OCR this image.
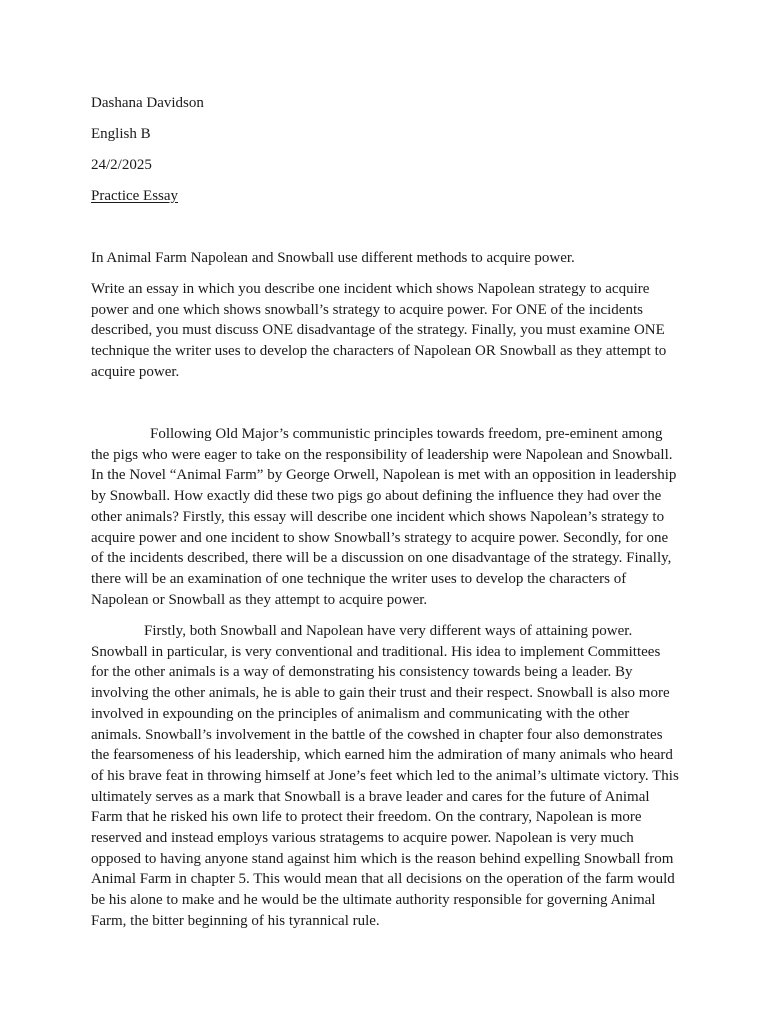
Dashana Davidson

English B

24/2/2025

Practice Essay

In Animal Farm Napolean and Snowball use different methods to acquire power.

Write an essay in which you describe one incident which shows Napolean strategy to acquire power and one which shows snowball’s strategy to acquire power. For ONE of the incidents described, you must discuss ONE disadvantage of the strategy. Finally, you must examine ONE technique the writer uses to develop the characters of Napolean OR Snowball as they attempt to acquire power.

Following Old Major’s communistic principles towards freedom, pre-eminent among the pigs who were eager to take on the responsibility of leadership were Napolean and Snowball. In the Novel “Animal Farm” by George Orwell, Napolean is met with an opposition in leadership by Snowball. How exactly did these two pigs go about defining the influence they had over the other animals? Firstly, this essay will describe one incident which shows Napolean’s strategy to acquire power and one incident to show Snowball’s strategy to acquire power. Secondly, for one of the incidents described, there will be a discussion on one disadvantage of the strategy. Finally, there will be an examination of one technique the writer uses to develop the characters of Napolean or Snowball as they attempt to acquire power.

Firstly, both Snowball and Napolean have very different ways of attaining power. Snowball in particular, is very conventional and traditional. His idea to implement Committees for the other animals is a way of demonstrating his consistency towards being a leader. By involving the other animals, he is able to gain their trust and their respect. Snowball is also more involved in expounding on the principles of animalism and communicating with the other animals. Snowball’s involvement in the battle of the cowshed in chapter four also demonstrates the fearsomeness of his leadership, which earned him the admiration of many animals who heard of his brave feat in throwing himself at Jone’s feet which led to the animal’s ultimate victory. This ultimately serves as a mark that Snowball is a brave leader and cares for the future of Animal Farm that he risked his own life to protect their freedom. On the contrary, Napolean is more reserved and instead employs various stratagems to acquire power. Napolean is very much opposed to having anyone stand against him which is the reason behind expelling Snowball from Animal Farm in chapter 5. This would mean that all decisions on the operation of the farm would be his alone to make and he would be the ultimate authority responsible for governing Animal Farm, the bitter beginning of his tyrannical rule.
